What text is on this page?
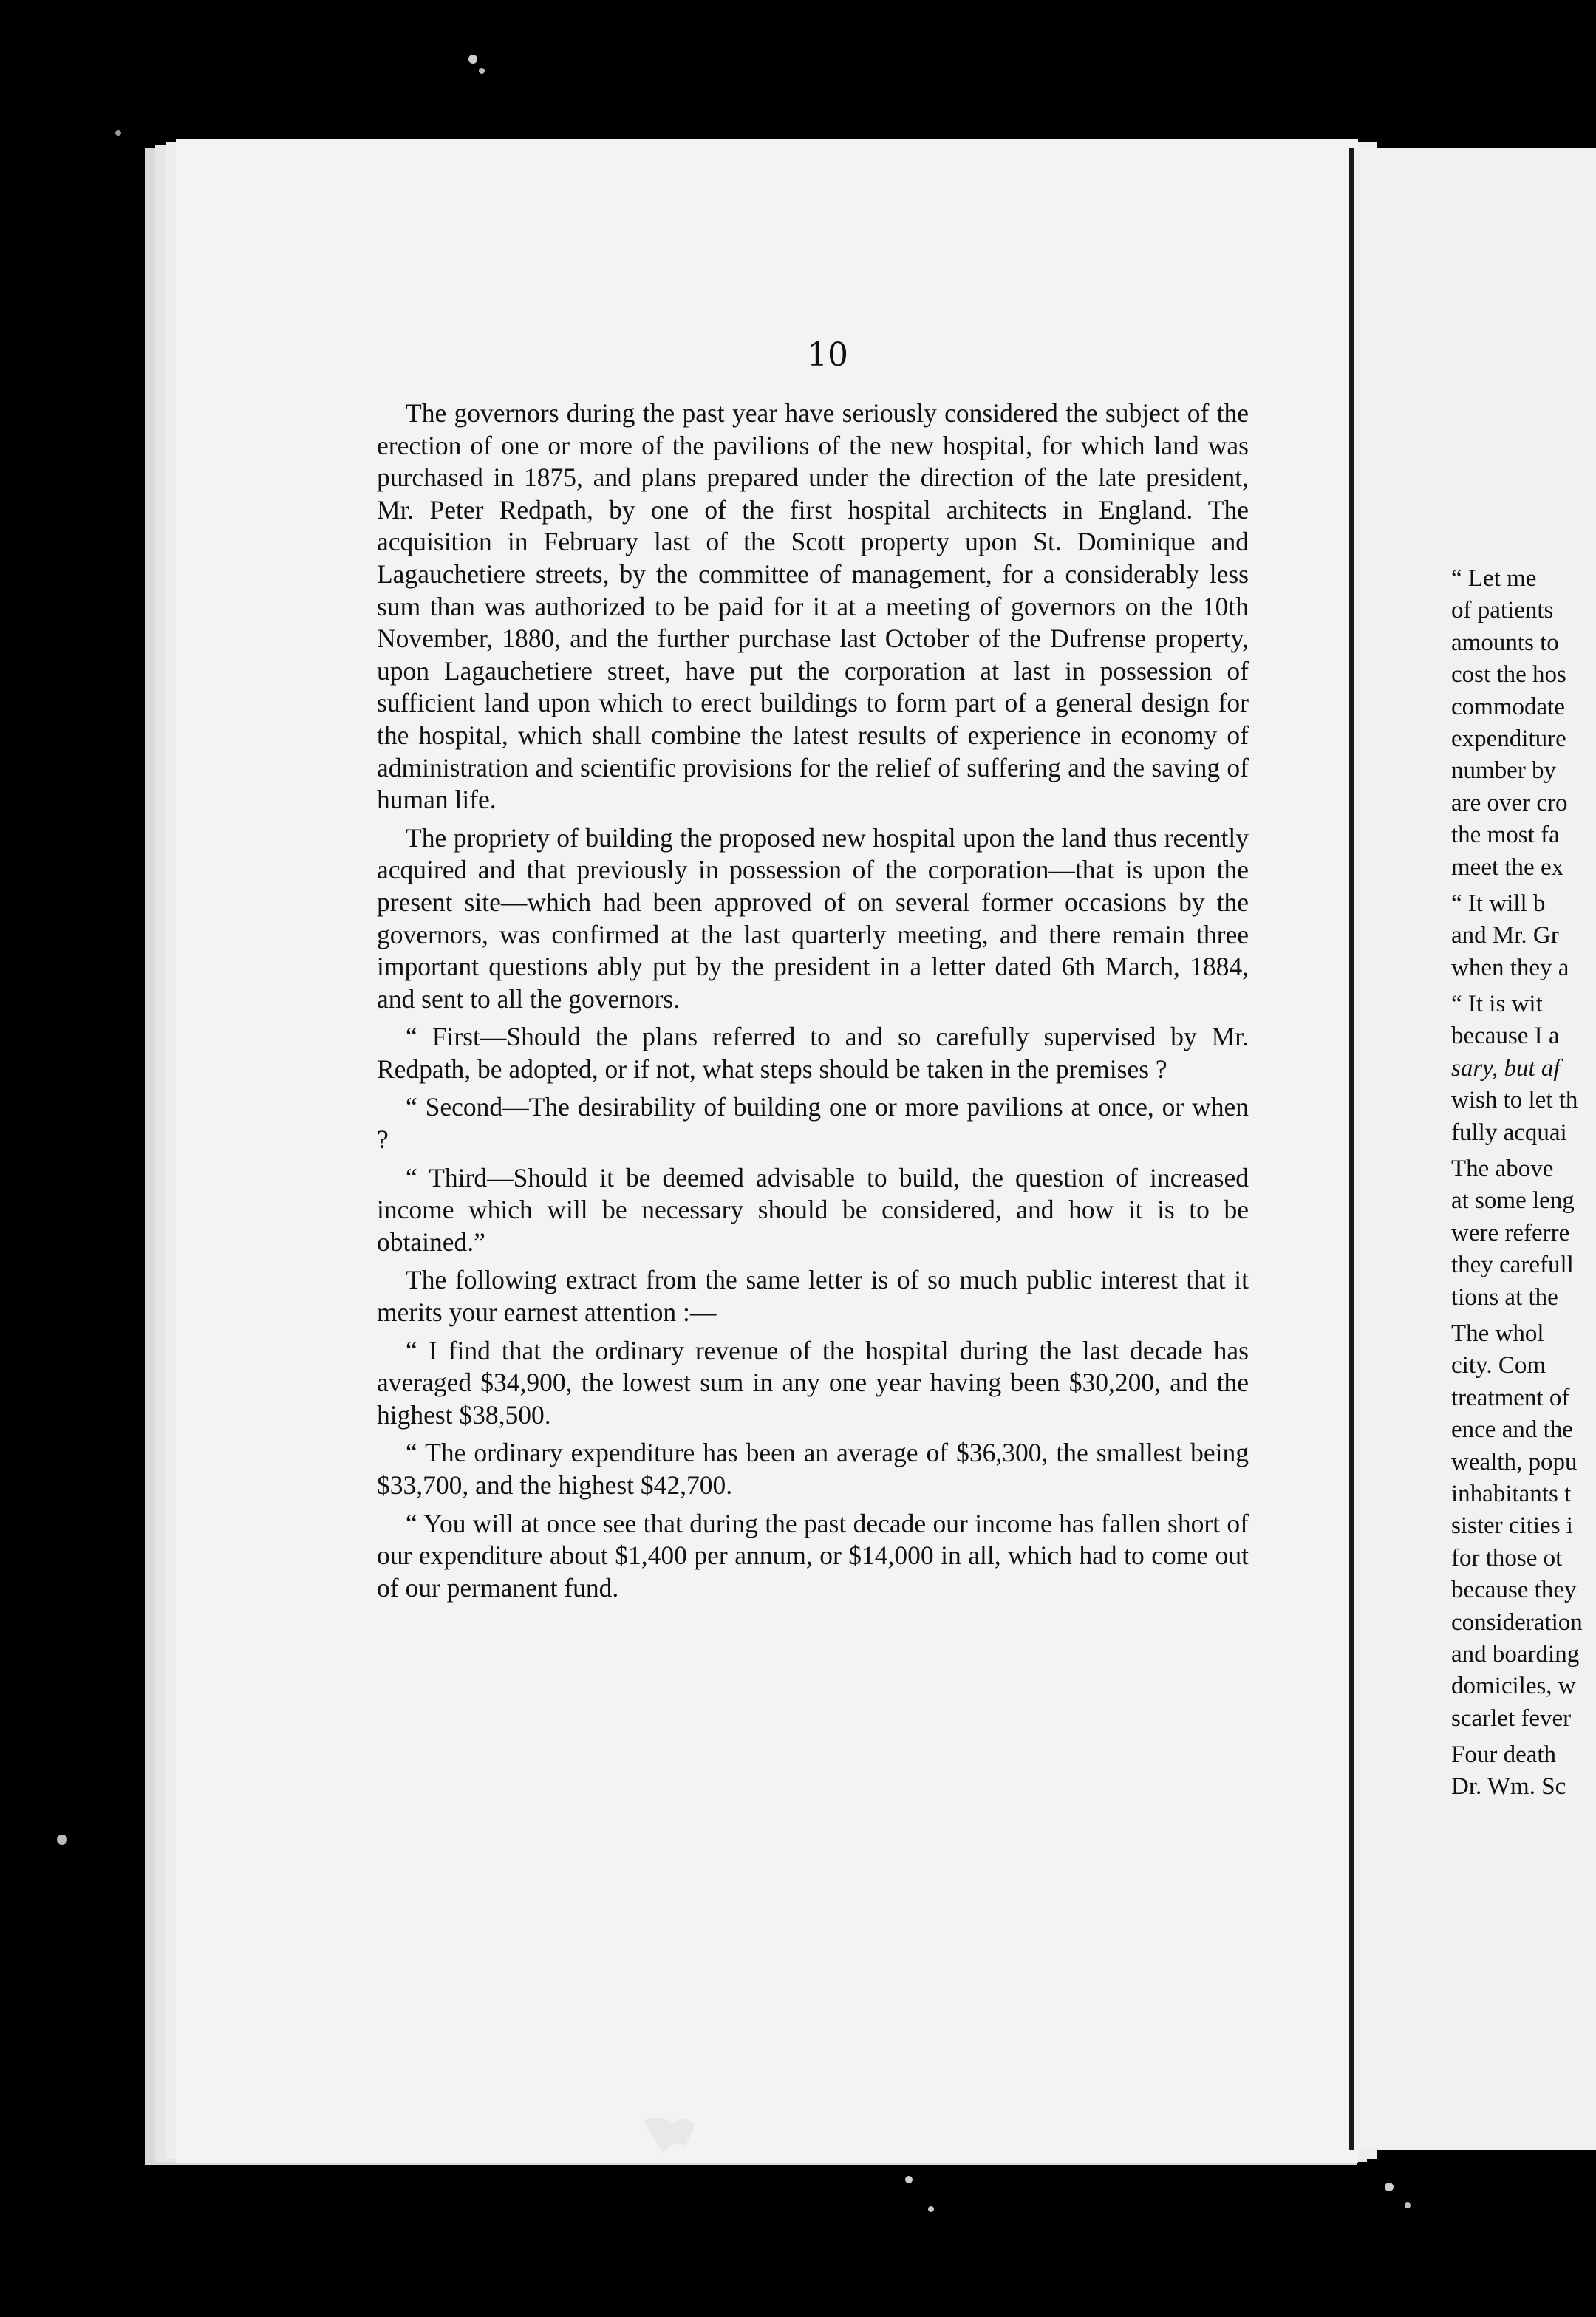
10

The governors during the past year have seriously considered the subject of the erection of one or more of the pavilions of the new hospital, for which land was purchased in 1875, and plans prepared under the direction of the late president, Mr. Peter Redpath, by one of the first hospital architects in England. The acquisition in February last of the Scott property upon St. Dominique and Lagauchetiere streets, by the committee of management, for a considerably less sum than was authorized to be paid for it at a meeting of governors on the 10th November, 1880, and the further purchase last October of the Dufrense property, upon Lagauchetiere street, have put the corporation at last in possession of sufficient land upon which to erect buildings to form part of a general design for the hospital, which shall combine the latest results of experience in economy of administration and scientific provisions for the relief of suffering and the saving of human life.

The propriety of building the proposed new hospital upon the land thus recently acquired and that previously in possession of the corporation—that is upon the present site—which had been approved of on several former occasions by the governors, was confirmed at the last quarterly meeting, and there remain three important questions ably put by the president in a letter dated 6th March, 1884, and sent to all the governors.

“ First—Should the plans referred to and so carefully supervised by Mr. Redpath, be adopted, or if not, what steps should be taken in the premises ?

“ Second—The desirability of building one or more pavilions at once, or when ?

“ Third—Should it be deemed advisable to build, the question of increased income which will be necessary should be considered, and how it is to be obtained.”

The following extract from the same letter is of so much public interest that it merits your earnest attention :—

“ I find that the ordinary revenue of the hospital during the last decade has averaged $34,900, the lowest sum in any one year having been $30,200, and the highest $38,500.

“ The ordinary expenditure has been an average of $36,300, the smallest being $33,700, and the highest $42,700.

“ You will at once see that during the past decade our income has fallen short of our expenditure about $1,400 per annum, or $14,000 in all, which had to come out of our permanent fund.

“ Let me
of patients
amounts to
cost the hos
commodate
expenditure
number by
are over cro
the most fa
meet the ex
“ It will b
and Mr. Gr
when they a
“ It is wit
because I a
sary, but af
wish to let th
fully acquai
The above
at some leng
were referre
they carefull
tions at the
The whol
city. Com
treatment of
ence and the
wealth, popu
inhabitants t
sister cities i
for those ot
because they
consideration
and boarding
domiciles, w
scarlet fever
Four death
Dr. Wm. Sc
